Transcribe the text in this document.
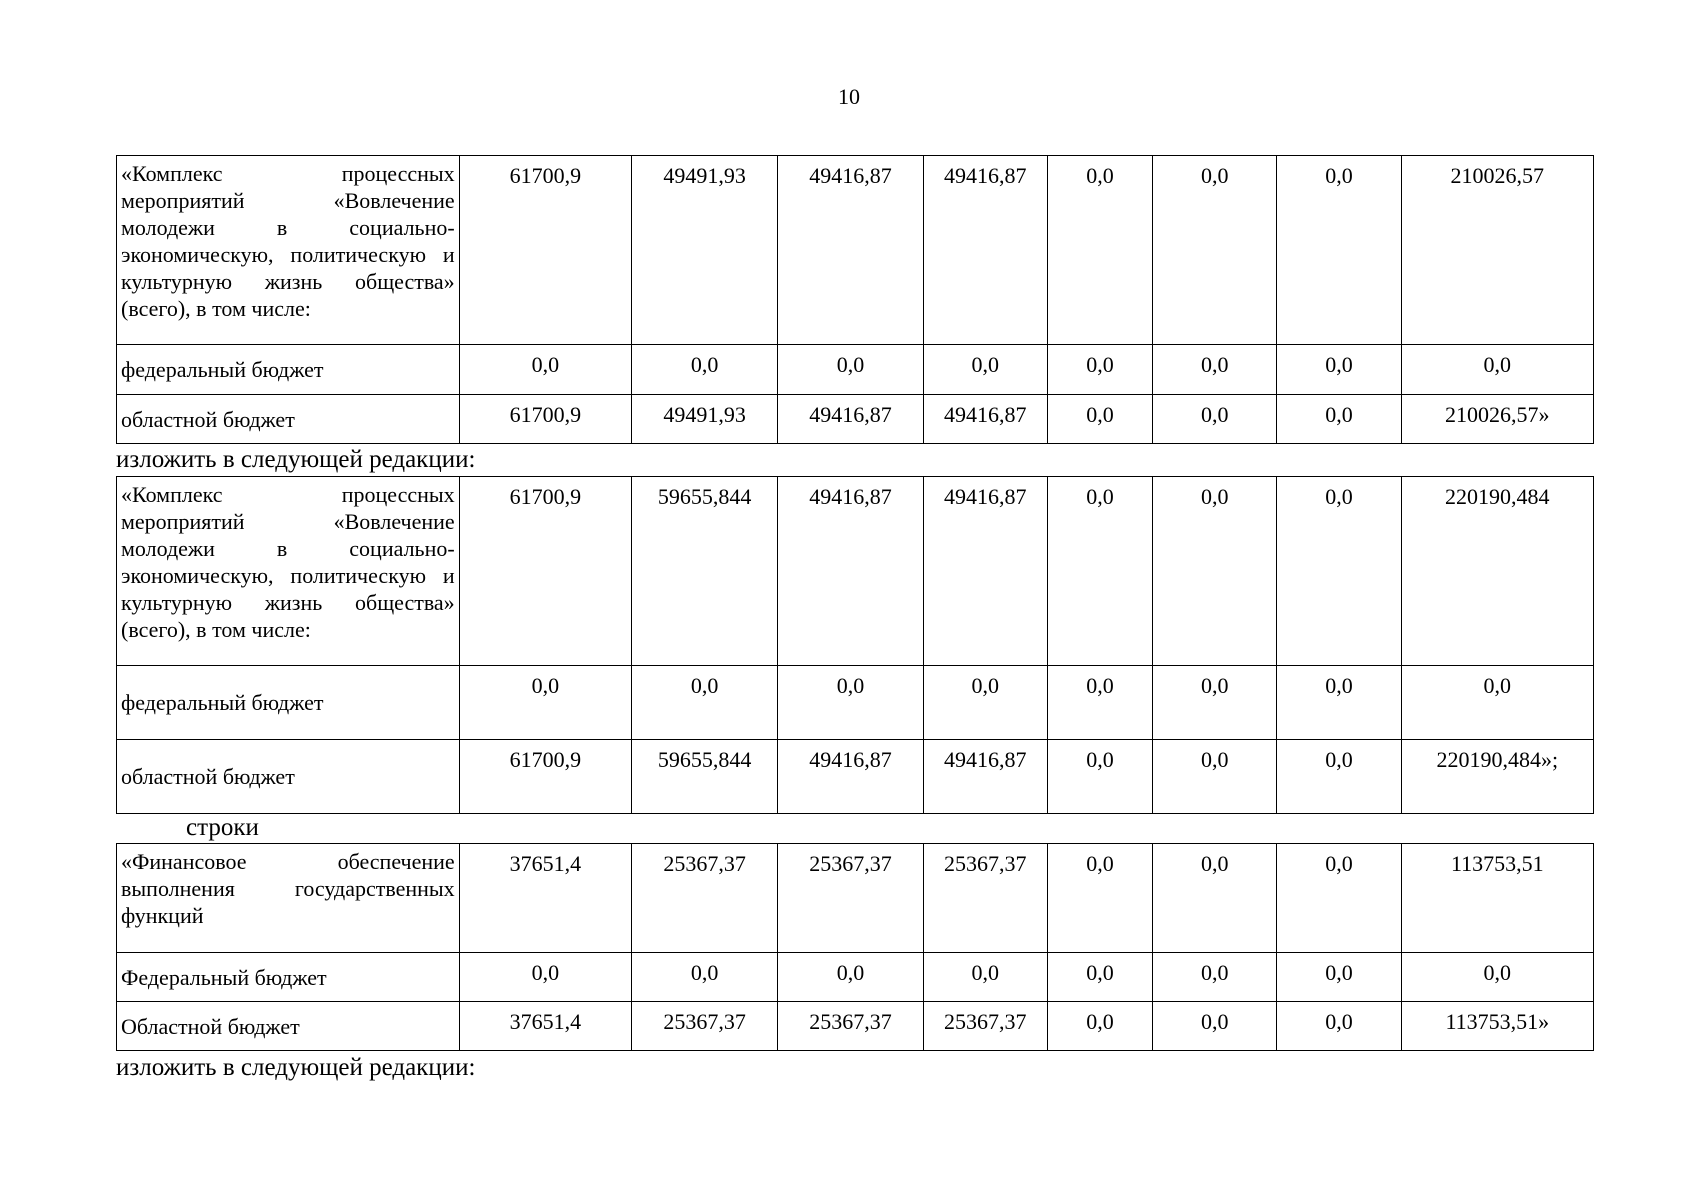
10
«Комплекс процессных мероприятий «Вовлечение молодежи в социально-экономическую, политическую и культурную жизнь общества» (всего), в том числе:	61700,9	49491,93	49416,87	49416,87	0,0	0,0	0,0	210026,57
федеральный бюджет	0,0	0,0	0,0	0,0	0,0	0,0	0,0	0,0
областной бюджет	61700,9	49491,93	49416,87	49416,87	0,0	0,0	0,0	210026,57»
изложить в следующей редакции:
«Комплекс процессных мероприятий «Вовлечение молодежи в социально-экономическую, политическую и культурную жизнь общества» (всего), в том числе:	61700,9	59655,844	49416,87	49416,87	0,0	0,0	0,0	220190,484
федеральный бюджет	0,0	0,0	0,0	0,0	0,0	0,0	0,0	0,0
областной бюджет	61700,9	59655,844	49416,87	49416,87	0,0	0,0	0,0	220190,484»;
строки
«Финансовое обеспечение выполнения государственных функций	37651,4	25367,37	25367,37	25367,37	0,0	0,0	0,0	113753,51
Федеральный бюджет	0,0	0,0	0,0	0,0	0,0	0,0	0,0	0,0
Областной бюджет	37651,4	25367,37	25367,37	25367,37	0,0	0,0	0,0	113753,51»
изложить в следующей редакции:
